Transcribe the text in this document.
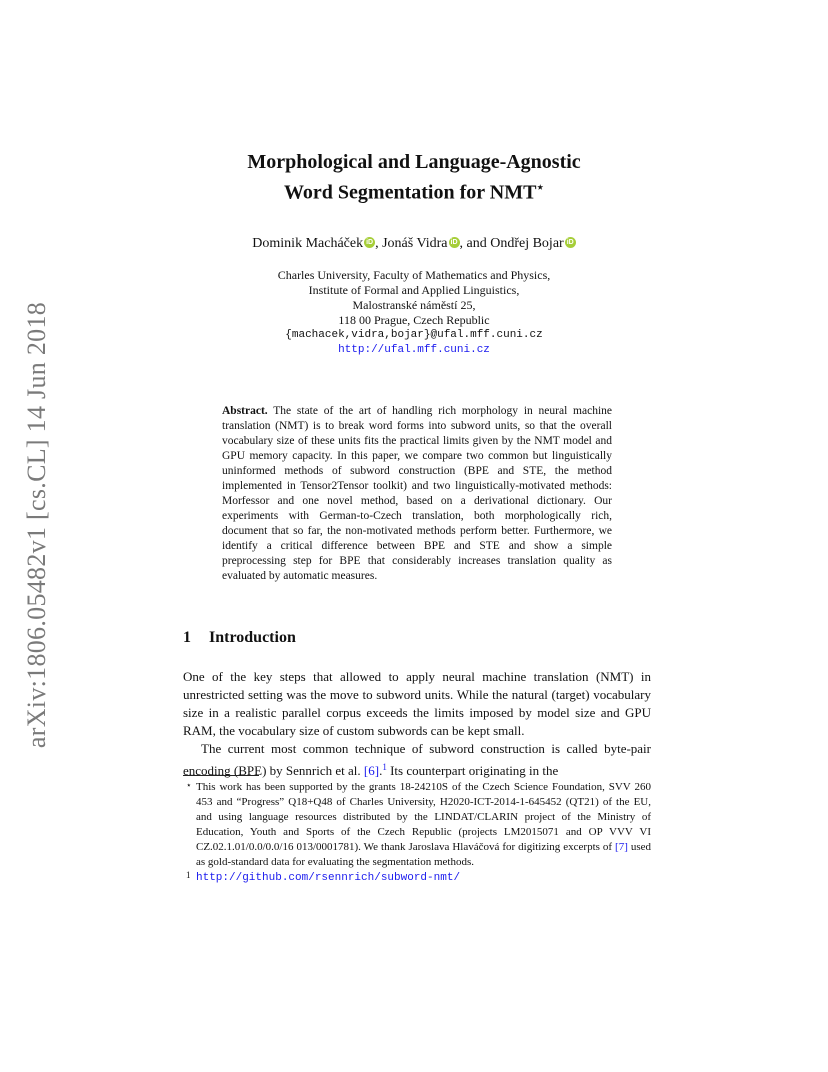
arXiv:1806.05482v1 [cs.CL] 14 Jun 2018
Morphological and Language-Agnostic
Word Segmentation for NMT⋆
Dominik Macháček iD , Jonáš Vidra iD , and Ondřej Bojar iD
Charles University, Faculty of Mathematics and Physics,
Institute of Formal and Applied Linguistics,
Malostranské náměstí 25,
118 00 Prague, Czech Republic
{machacek,vidra,bojar}@ufal.mff.cuni.cz
http://ufal.mff.cuni.cz
Abstract. The state of the art of handling rich morphology in neural machine translation (NMT) is to break word forms into subword units, so that the overall vocabulary size of these units fits the practical limits given by the NMT model and GPU memory capacity. In this paper, we compare two common but linguistically uninformed methods of subword construction (BPE and STE, the method implemented in Tensor2Tensor toolkit) and two linguistically-motivated methods: Morfessor and one novel method, based on a derivational dictionary. Our experiments with German-to-Czech translation, both morphologically rich, document that so far, the non-motivated methods perform better. Furthermore, we identify a critical difference between BPE and STE and show a simple preprocessing step for BPE that considerably increases translation quality as evaluated by automatic measures.
1 Introduction

One of the key steps that allowed to apply neural machine translation (NMT) in unrestricted setting was the move to subword units. While the natural (target) vocabulary size in a realistic parallel corpus exceeds the limits imposed by model size and GPU RAM, the vocabulary size of custom subwords can be kept small.

The current most common technique of subword construction is called byte-pair encoding (BPE) by Sennrich et al. [6].$^1$ Its counterpart originating in the

⋆ This work has been supported by the grants 18-24210S of the Czech Science Foundation, SVV 260 453 and “Progress” Q18+Q48 of Charles University, H2020-ICT-2014-1-645452 (QT21) of the EU, and using language resources distributed by the LINDAT/CLARIN project of the Ministry of Education, Youth and Sports of the Czech Republic (projects LM2015071 and OP VVV VI CZ.02.1.01/0.0/0.0/16 013/0001781). We thank Jaroslava Hlaváčová for digitizing excerpts of [7] used as gold-standard data for evaluating the segmentation methods.

1 http://github.com/rsennrich/subword-nmt/
